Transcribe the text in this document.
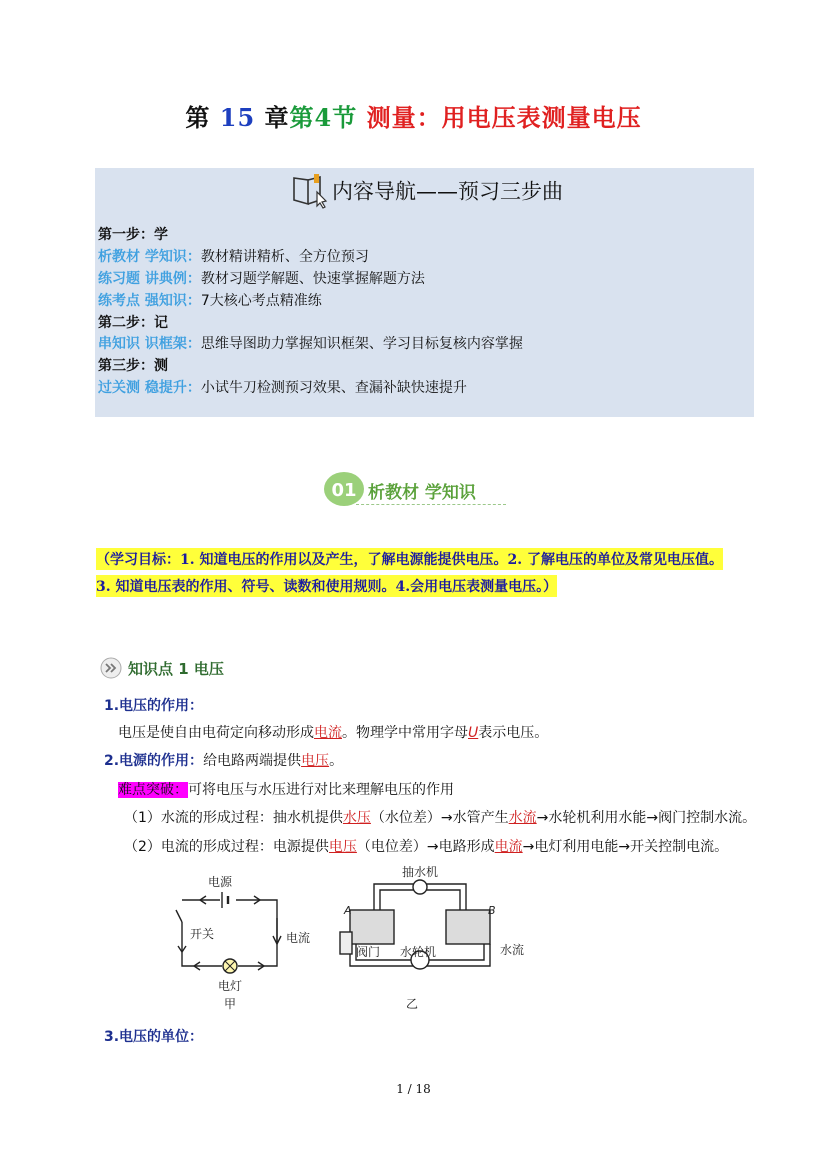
第 15 章第4节 测量：用电压表测量电压
内容导航——预习三步曲
第一步：学
析教材 学知识：教材精讲精析、全方位预习
练习题 讲典例：教材习题学解题、快速掌握解题方法
练考点 强知识：7大核心考点精准练
第二步：记
串知识 识框架：思维导图助力掌握知识框架、学习目标复核内容掌握
第三步：测
过关测 稳提升：小试牛刀检测预习效果、查漏补缺快速提升
01 析教材 学知识
（学习目标：1. 知道电压的作用以及产生，了解电源能提供电压。2. 了解电压的单位及常见电压值。
3. 知道电压表的作用、符号、读数和使用规则。4.会用电压表测量电压。）
知识点 1 电压
1.电压的作用：
电压是使自由电荷定向移动形成电流。物理学中常用字母U表示电压。
2.电源的作用：给电路两端提供电压。
难点突破：可将电压与水压进行对比来理解电压的作用
（1）水流的形成过程：抽水机提供水压（水位差）→水管产生水流→水轮机利用水能→阀门控制水流。
（2）电流的形成过程：电源提供电压（电位差）→电路形成电流→电灯利用电能→开关控制电流。
电源
开关	电流
电灯
甲
抽水机
A	B
阀门 水轮机	水流
乙
3.电压的单位：
1 / 18
